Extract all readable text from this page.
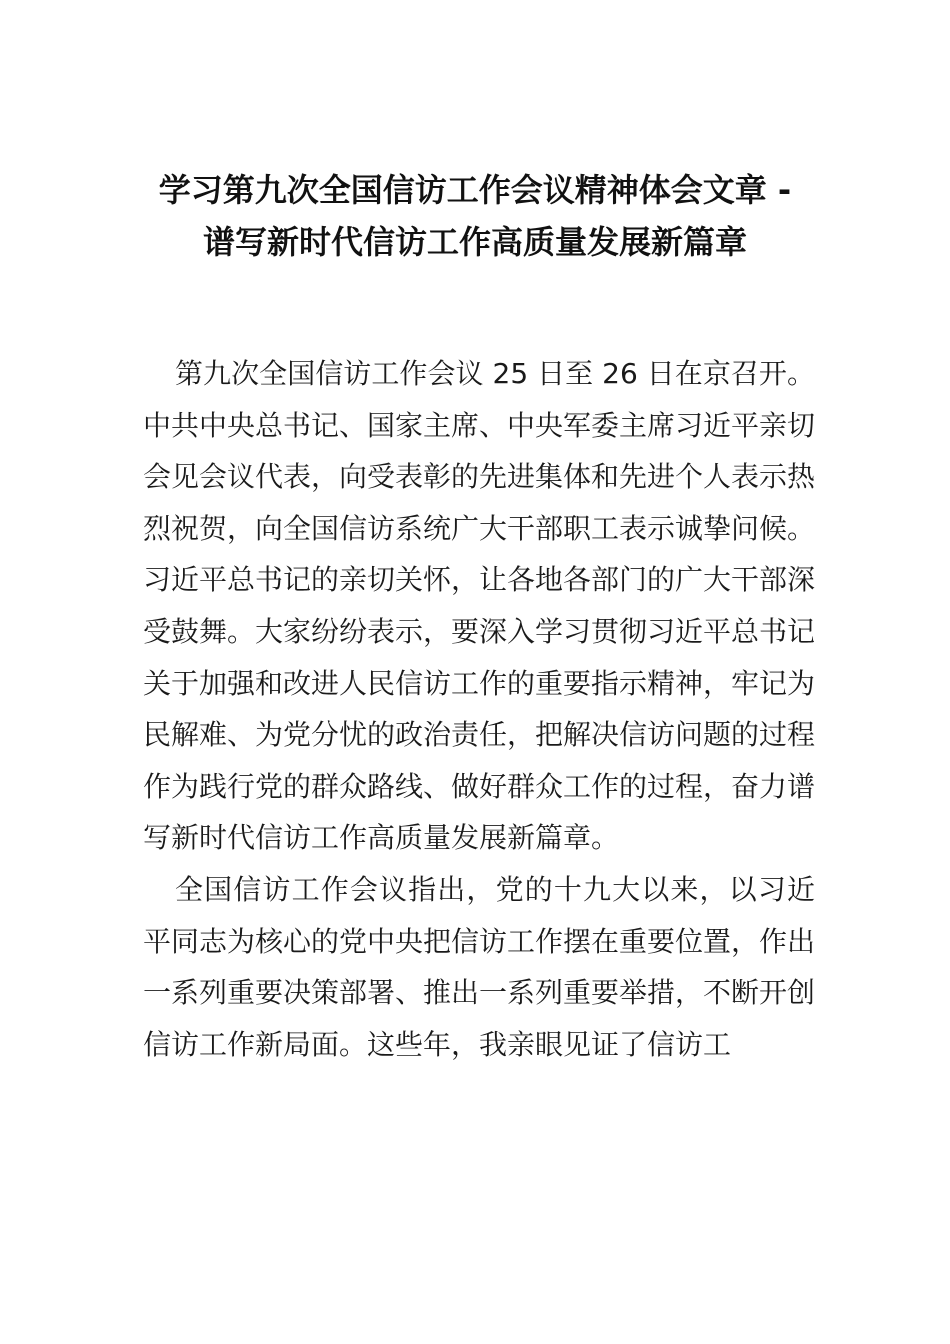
学习第九次全国信访工作会议精神体会文章 - 谱写新时代信访工作高质量发展新篇章

第九次全国信访工作会议 25 日至 26 日在京召开。中共中央总书记、国家主席、中央军委主席习近平亲切会见会议代表，向受表彰的先进集体和先进个人表示热烈祝贺，向全国信访系统广大干部职工表示诚挚问候。习近平总书记的亲切关怀，让各地各部门的广大干部深受鼓舞。大家纷纷表示，要深入学习贯彻习近平总书记关于加强和改进人民信访工作的重要指示精神，牢记为民解难、为党分忧的政治责任，把解决信访问题的过程作为践行党的群众路线、做好群众工作的过程，奋力谱写新时代信访工作高质量发展新篇章。

全国信访工作会议指出，党的十九大以来，以习近平同志为核心的党中央把信访工作摆在重要位置，作出一系列重要决策部署、推出一系列重要举措，不断开创信访工作新局面。这些年，我亲眼见证了信访工
